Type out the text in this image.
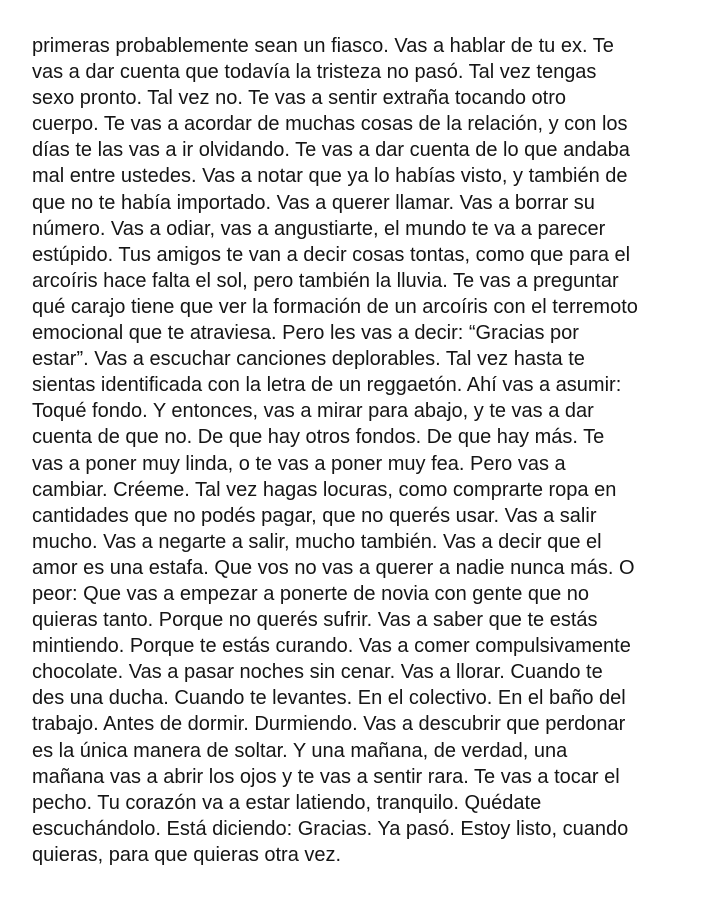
primeras probablemente sean un fiasco. Vas a hablar de tu ex. Te
vas a dar cuenta que todavía la tristeza no pasó. Tal vez tengas
sexo pronto. Tal vez no. Te vas a sentir extraña tocando otro
cuerpo. Te vas a acordar de muchas cosas de la relación, y con los
días te las vas a ir olvidando. Te vas a dar cuenta de lo que andaba
mal entre ustedes. Vas a notar que ya lo habías visto, y también de
que no te había importado. Vas a querer llamar. Vas a borrar su
número. Vas a odiar, vas a angustiarte, el mundo te va a parecer
estúpido. Tus amigos te van a decir cosas tontas, como que para el
arcoíris hace falta el sol, pero también la lluvia. Te vas a preguntar
qué carajo tiene que ver la formación de un arcoíris con el terremoto
emocional que te atraviesa. Pero les vas a decir: “Gracias por
estar”. Vas a escuchar canciones deplorables. Tal vez hasta te
sientas identificada con la letra de un reggaetón. Ahí vas a asumir:
Toqué fondo. Y entonces, vas a mirar para abajo, y te vas a dar
cuenta de que no. De que hay otros fondos. De que hay más. Te
vas a poner muy linda, o te vas a poner muy fea. Pero vas a
cambiar. Créeme. Tal vez hagas locuras, como comprarte ropa en
cantidades que no podés pagar, que no querés usar. Vas a salir
mucho. Vas a negarte a salir, mucho también. Vas a decir que el
amor es una estafa. Que vos no vas a querer a nadie nunca más. O
peor: Que vas a empezar a ponerte de novia con gente que no
quieras tanto. Porque no querés sufrir. Vas a saber que te estás
mintiendo. Porque te estás curando. Vas a comer compulsivamente
chocolate. Vas a pasar noches sin cenar. Vas a llorar. Cuando te
des una ducha. Cuando te levantes. En el colectivo. En el baño del
trabajo. Antes de dormir. Durmiendo. Vas a descubrir que perdonar
es la única manera de soltar. Y una mañana, de verdad, una
mañana vas a abrir los ojos y te vas a sentir rara. Te vas a tocar el
pecho. Tu corazón va a estar latiendo, tranquilo. Quédate
escuchándolo. Está diciendo: Gracias. Ya pasó. Estoy listo, cuando
quieras, para que quieras otra vez.
